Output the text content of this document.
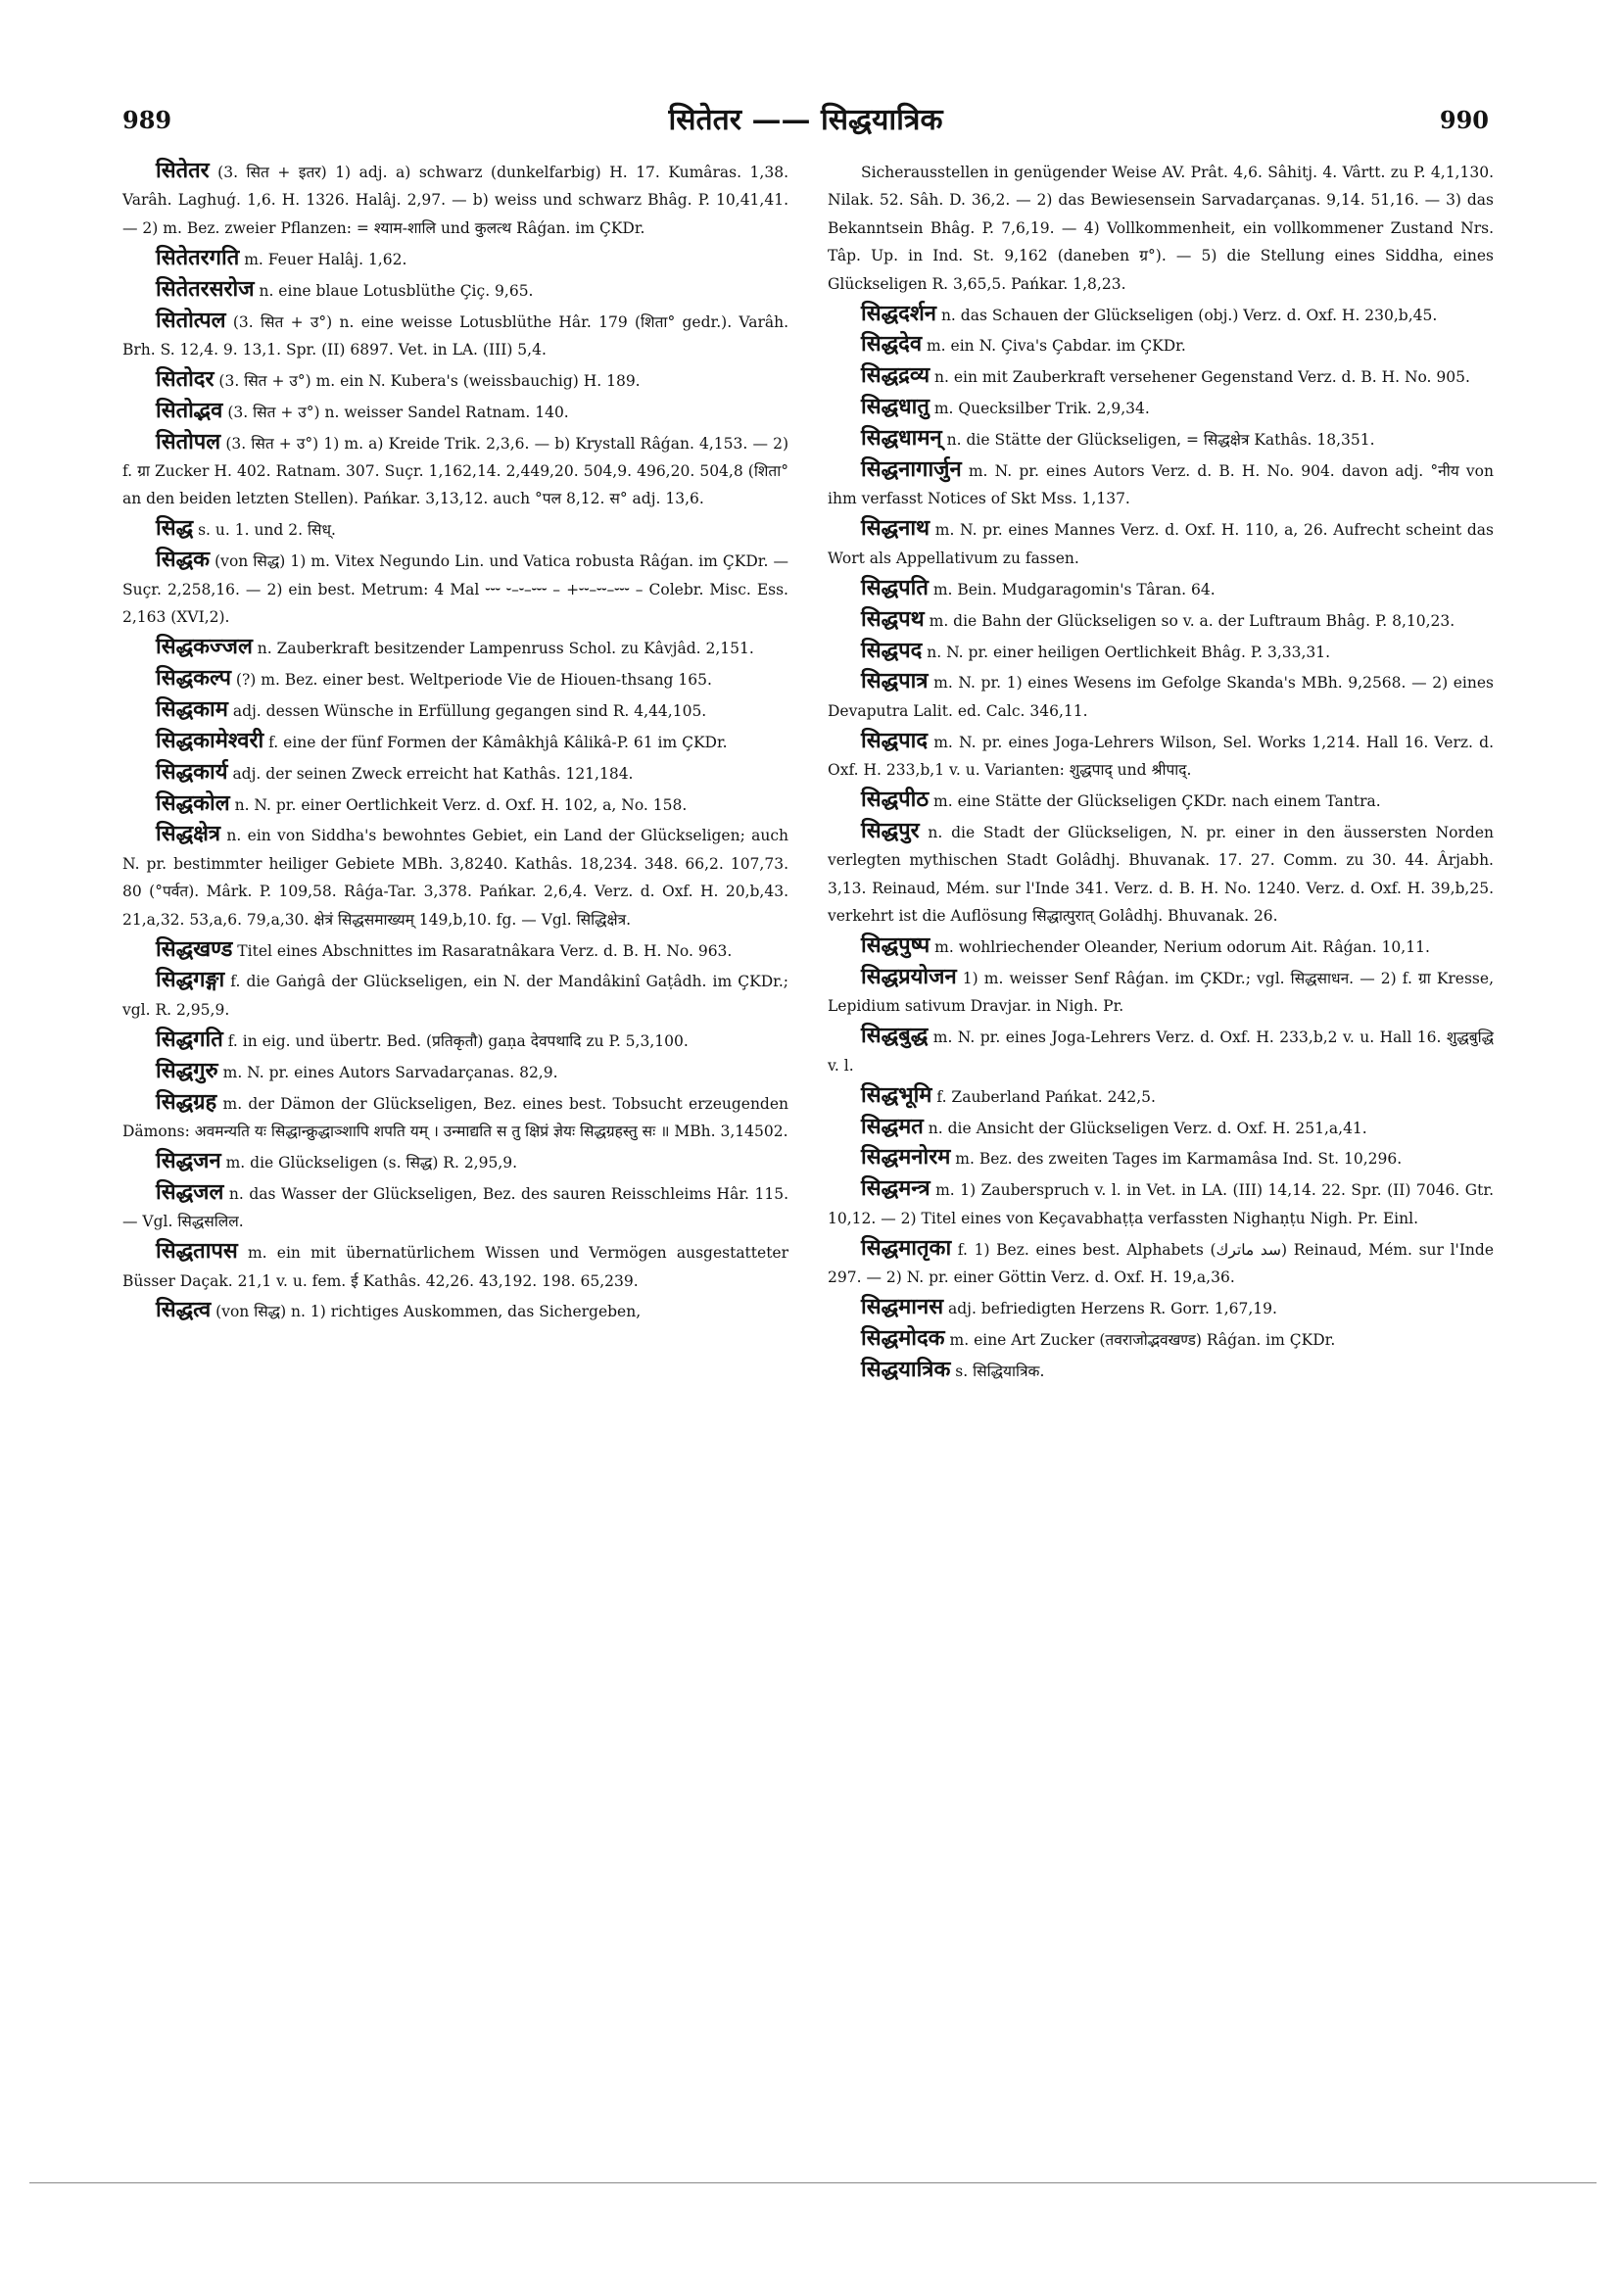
989	सितेतर —— सिद्धयात्रिक	990

सितेतर (3. सित + इतर) 1) adj. a) schwarz (dunkelfarbig) H. 17. Kumâras. 1,38. Varâh. Laghuǵ. 1,6. H. 1326. Halâj. 2,97. — b) weiss und schwarz Bhâg. P. 10,41,41. — 2) m. Bez. zweier Pflanzen: = श्याम-शालि und कुलत्थ Râǵan. im ÇKDr.

सितेतरगति m. Feuer Halâj. 1,62.

सितेतरसरोज n. eine blaue Lotusblüthe Çiç. 9,65.

सितोत्पल (3. सित + उ°) n. eine weisse Lotusblüthe Hâr. 179 (शिता° gedr.). Varâh. Brh. S. 12,4. 9. 13,1. Spr. (II) 6897. Vet. in LA. (III) 5,4.

सितोदर (3. सित + उ°) m. ein N. Kubera's (weissbauchig) H. 189.

सितोद्भव (3. सित + उ°) n. weisser Sandel Ratnam. 140.

सितोपल (3. सित + उ°) 1) m. a) Kreide Trik. 2,3,6. — b) Krystall Râǵan. 4,153. — 2) f. ग्रा Zucker H. 402. Ratnam. 307. Suçr. 1,162,14. 2,449,20. 504,9. 496,20. 504,8 (शिता° an den beiden letzten Stellen). Pańkar. 3,13,12. auch °पल 8,12. स° adj. 13,6.

सिद्ध s. u. 1. und 2. सिध्.

सिद्धक (von सिद्ध) 1) m. Vitex Negundo Lin. und Vatica robusta Râǵan. im ÇKDr. — Suçr. 2,258,16. — 2) ein best. Metrum: 4 Mal ⏑⏑⏑ ⏑–⏑–⏑⏑⏑ – +⏑⏑–⏑⏑–⏑⏑⏑ – Colebr. Misc. Ess. 2,163 (XVI,2).

सिद्धकज्जल n. Zauberkraft besitzender Lampenruss Schol. zu Kâvjâd. 2,151.

सिद्धकल्प (?) m. Bez. einer best. Weltperiode Vie de Hiouen-thsang 165.

सिद्धकाम adj. dessen Wünsche in Erfüllung gegangen sind R. 4,44,105.

सिद्धकामेश्वरी f. eine der fünf Formen der Kâmâkhjâ Kâlikâ-P. 61 im ÇKDr.

सिद्धकार्य adj. der seinen Zweck erreicht hat Kathâs. 121,184.

सिद्धकोल n. N. pr. einer Oertlichkeit Verz. d. Oxf. H. 102, a, No. 158.

सिद्धक्षेत्र n. ein von Siddha's bewohntes Gebiet, ein Land der Glückseligen; auch N. pr. bestimmter heiliger Gebiete MBh. 3,8240. Kathâs. 18,234. 348. 66,2. 107,73. 80 (°पर्वत). Mârk. P. 109,58. Râǵa-Tar. 3,378. Pańkar. 2,6,4. Verz. d. Oxf. H. 20,b,43. 21,a,32. 53,a,6. 79,a,30. क्षेत्रं सिद्धसमाख्यम् 149,b,10. fg. — Vgl. सिद्धिक्षेत्र.

सिद्धखण्ड Titel eines Abschnittes im Rasaratnâkara Verz. d. B. H. No. 963.

सिद्धगङ्गा f. die Gaṅgâ der Glückseligen, ein N. der Mandâkinî Gaṭâdh. im ÇKDr.; vgl. R. 2,95,9.

सिद्धगति f. in eig. und übertr. Bed. (प्रतिकृतौ) gaṇa देवपथादि zu P. 5,3,100.

सिद्धगुरु m. N. pr. eines Autors Sarvadarçanas. 82,9.

सिद्धग्रह m. der Dämon der Glückseligen, Bez. eines best. Tobsucht erzeugenden Dämons: अवमन्यति यः सिद्धान्क्रुद्धाञ्शापि शपति यम् । उन्माद्यति स तु क्षिप्रं ज्ञेयः सिद्धग्रहस्तु सः ॥ MBh. 3,14502.

सिद्धजन m. die Glückseligen (s. सिद्ध) R. 2,95,9.

सिद्धजल n. das Wasser der Glückseligen, Bez. des sauren Reisschleims Hâr. 115. — Vgl. सिद्धसलिल.

सिद्धतापस m. ein mit übernatürlichem Wissen und Vermögen ausgestatteter Büsser Daçak. 21,1 v. u. fem. ई Kathâs. 42,26. 43,192. 198. 65,239.

सिद्धत्व (von सिद्ध) n. 1) richtiges Auskommen, das Sichergeben,

Sicherausstellen in genügender Weise AV. Prât. 4,6. Sâhitj. 4. Vârtt. zu P. 4,1,130. Nilak. 52. Sâh. D. 36,2. — 2) das Bewiesensein Sarvadarçanas. 9,14. 51,16. — 3) das Bekanntsein Bhâg. P. 7,6,19. — 4) Vollkommenheit, ein vollkommener Zustand Nrs. Tâp. Up. in Ind. St. 9,162 (daneben ग्र°). — 5) die Stellung eines Siddha, eines Glückseligen R. 3,65,5. Pańkar. 1,8,23.

सिद्धदर्शन n. das Schauen der Glückseligen (obj.) Verz. d. Oxf. H. 230,b,45.

सिद्धदेव m. ein N. Çiva's Çabdar. im ÇKDr.

सिद्धद्रव्य n. ein mit Zauberkraft versehener Gegenstand Verz. d. B. H. No. 905.

सिद्धधातु m. Quecksilber Trik. 2,9,34.

सिद्धधामन् n. die Stätte der Glückseligen, = सिद्धक्षेत्र Kathâs. 18,351.

सिद्धनागार्जुन m. N. pr. eines Autors Verz. d. B. H. No. 904. davon adj. °नीय von ihm verfasst Notices of Skt Mss. 1,137.

सिद्धनाथ m. N. pr. eines Mannes Verz. d. Oxf. H. 110, a, 26. Aufrecht scheint das Wort als Appellativum zu fassen.

सिद्धपति m. Bein. Mudgaragomin's Târan. 64.

सिद्धपथ m. die Bahn der Glückseligen so v. a. der Luftraum Bhâg. P. 8,10,23.

सिद्धपद n. N. pr. einer heiligen Oertlichkeit Bhâg. P. 3,33,31.

सिद्धपात्र m. N. pr. 1) eines Wesens im Gefolge Skanda's MBh. 9,2568. — 2) eines Devaputra Lalit. ed. Calc. 346,11.

सिद्धपाद m. N. pr. eines Joga-Lehrers Wilson, Sel. Works 1,214. Hall 16. Verz. d. Oxf. H. 233,b,1 v. u. Varianten: शुद्धपाद् und श्रीपाद्.

सिद्धपीठ m. eine Stätte der Glückseligen ÇKDr. nach einem Tantra.

सिद्धपुर n. die Stadt der Glückseligen, N. pr. einer in den äussersten Norden verlegten mythischen Stadt Golâdhj. Bhuvanak. 17. 27. Comm. zu 30. 44. Ârjabh. 3,13. Reinaud, Mém. sur l'Inde 341. Verz. d. B. H. No. 1240. Verz. d. Oxf. H. 39,b,25. verkehrt ist die Auflösung सिद्धात्पुरात् Golâdhj. Bhuvanak. 26.

सिद्धपुष्प m. wohlriechender Oleander, Nerium odorum Ait. Râǵan. 10,11.

सिद्धप्रयोजन 1) m. weisser Senf Râǵan. im ÇKDr.; vgl. सिद्धसाधन. — 2) f. ग्रा Kresse, Lepidium sativum Dravjar. in Nigh. Pr.

सिद्धबुद्ध m. N. pr. eines Joga-Lehrers Verz. d. Oxf. H. 233,b,2 v. u. Hall 16. शुद्धबुद्धि v. l.

सिद्धभूमि f. Zauberland Pańkat. 242,5.

सिद्धमत n. die Ansicht der Glückseligen Verz. d. Oxf. H. 251,a,41.

सिद्धमनोरम m. Bez. des zweiten Tages im Karmamâsa Ind. St. 10,296.

सिद्धमन्त्र m. 1) Zauberspruch v. l. in Vet. in LA. (III) 14,14. 22. Spr. (II) 7046. Gtr. 10,12. — 2) Titel eines von Keçavabhaṭṭa verfassten Nighaṇṭu Nigh. Pr. Einl.

सिद्धमातृका f. 1) Bez. eines best. Alphabets (سد ماترك) Reinaud, Mém. sur l'Inde 297. — 2) N. pr. einer Göttin Verz. d. Oxf. H. 19,a,36.

सिद्धमानस adj. befriedigten Herzens R. Gorr. 1,67,19.

सिद्धमोदक m. eine Art Zucker (तवराजोद्भवखण्ड) Râǵan. im ÇKDr.

सिद्धयात्रिक s. सिद्धियात्रिक.
